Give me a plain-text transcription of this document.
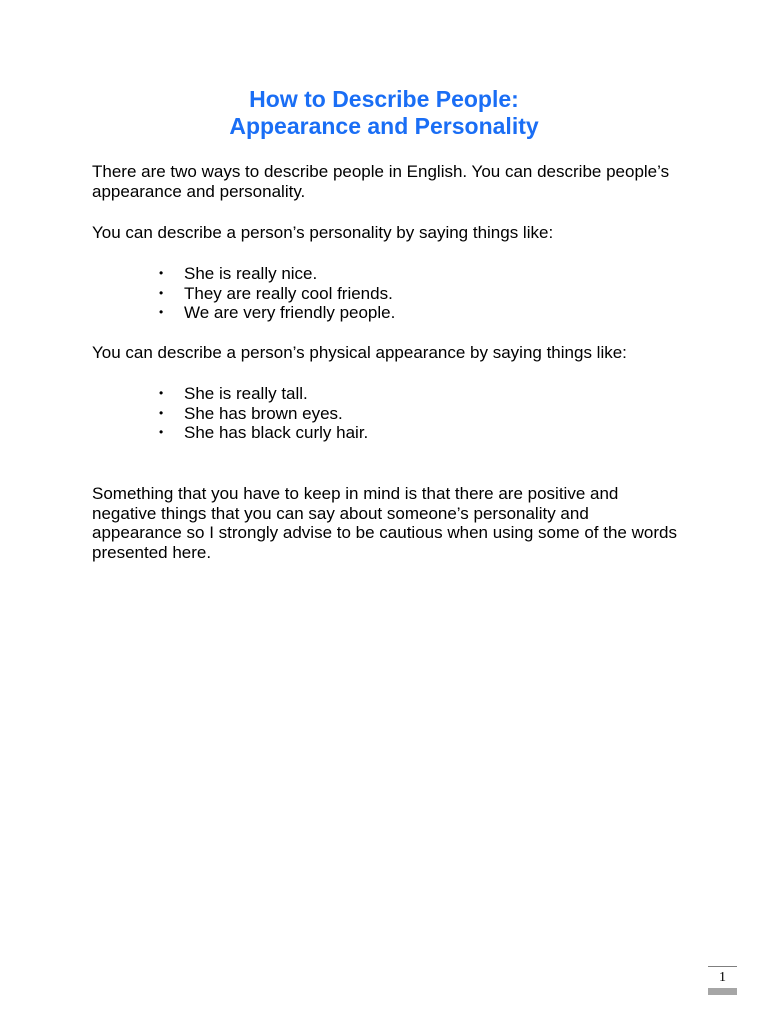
How to Describe People:
Appearance and Personality

There are two ways to describe people in English. You can describe people’s appearance and personality.

You can describe a person’s personality by saying things like:

• She is really nice.
• They are really cool friends.
• We are very friendly people.

You can describe a person’s physical appearance by saying things like:

• She is really tall.
• She has brown eyes.
• She has black curly hair.

Something that you have to keep in mind is that there are positive and negative things that you can say about someone’s personality and appearance so I strongly advise to be cautious when using some of the words presented here.

1
